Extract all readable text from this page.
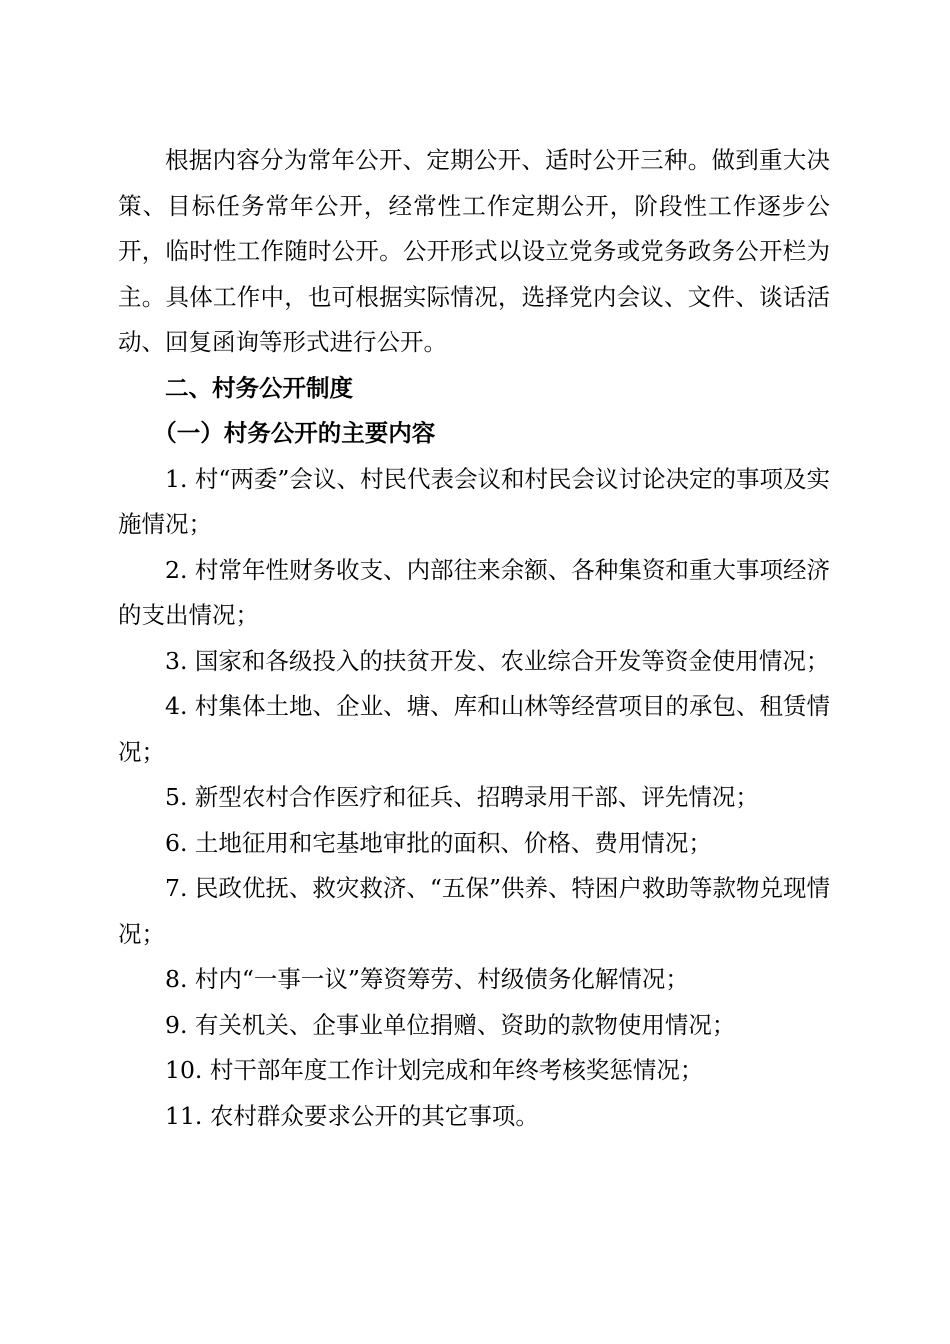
根据内容分为常年公开、定期公开、适时公开三种。做到重大决策、目标任务常年公开，经常性工作定期公开，阶段性工作逐步公开，临时性工作随时公开。公开形式以设立党务或党务政务公开栏为主。具体工作中，也可根据实际情况，选择党内会议、文件、谈话活动、回复函询等形式进行公开。

二、村务公开制度

（一）村务公开的主要内容

1. 村“两委”会议、村民代表会议和村民会议讨论决定的事项及实施情况；

2. 村常年性财务收支、内部往来余额、各种集资和重大事项经济的支出情况；

3. 国家和各级投入的扶贫开发、农业综合开发等资金使用情况；

4. 村集体土地、企业、塘、库和山林等经营项目的承包、租赁情况；

5. 新型农村合作医疗和征兵、招聘录用干部、评先情况；

6. 土地征用和宅基地审批的面积、价格、费用情况；

7. 民政优抚、救灾救济、“五保”供养、特困户救助等款物兑现情况；

8. 村内“一事一议”筹资筹劳、村级债务化解情况；

9. 有关机关、企事业单位捐赠、资助的款物使用情况；

10. 村干部年度工作计划完成和年终考核奖惩情况；

11. 农村群众要求公开的其它事项。
